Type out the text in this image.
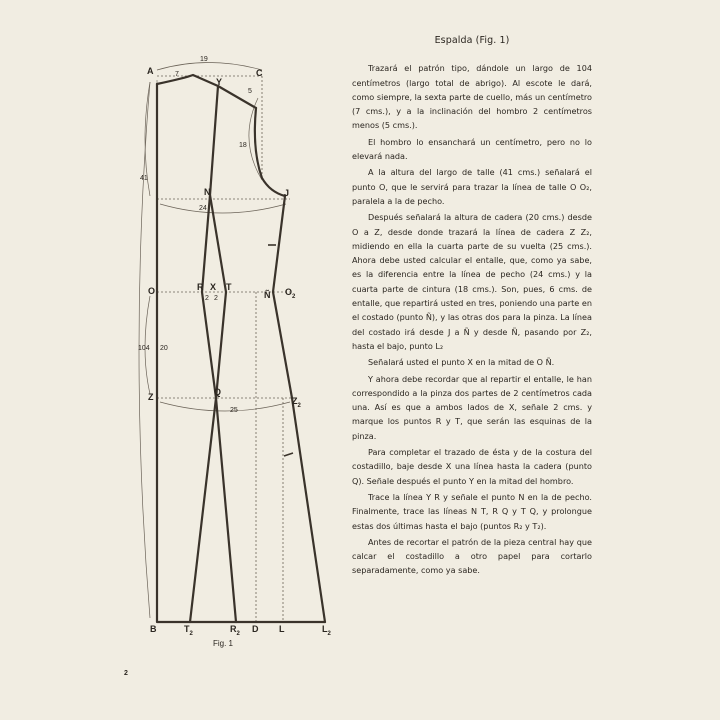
A	C
Y
N	J
O	R X T
Ñ $O_2$
Z	Q
$Z_2$
B	$T_2$	$R_2$ D L	$L_2$
19
7
5
18
41
24
2 2
20
104
25
Fig. 1
2
Espalda (Fig. 1)

Trazará el patrón tipo, dándole un largo de 104 centímetros (largo total de abrigo). Al escote le dará, como siempre, la sexta parte de cuello, más un centímetro (7 cms.), y a la inclinación del hombro 2 centímetros menos (5 cms.).

El hombro lo ensanchará un centímetro, pero no lo elevará nada.

A la altura del largo de talle (41 cms.) señalará el punto O, que le servirá para trazar la línea de talle O O₂, paralela a la de pecho.

Después señalará la altura de cadera (20 cms.) desde O a Z, desde donde trazará la línea de cadera Z Z₂, midiendo en ella la cuarta parte de su vuelta (25 cms.). Ahora debe usted calcular el entalle, que, como ya sabe, es la diferencia entre la línea de pecho (24 cms.) y la cuarta parte de cintura (18 cms.). Son, pues, 6 cms. de entalle, que repartirá usted en tres, poniendo una parte en el costado (punto Ñ), y las otras dos para la pinza. La línea del costado irá desde J a Ñ y desde Ñ, pasando por Z₂, hasta el bajo, punto L₂

Señalará usted el punto X en la mitad de O Ñ.

Y ahora debe recordar que al repartir el entalle, le han correspondido a la pinza dos partes de 2 centímetros cada una. Así es que a ambos lados de X, señale 2 cms. y marque los puntos R y T, que serán las esquinas de la pinza.

Para completar el trazado de ésta y de la costura del costadillo, baje desde X una línea hasta la cadera (punto Q). Señale después el punto Y en la mitad del hombro.

Trace la línea Y R y señale el punto N en la de pecho. Finalmente, trace las líneas N T, R Q y T Q, y prolongue estas dos últimas hasta el bajo (puntos R₂ y T₂).

Antes de recortar el patrón de la pieza central hay que calcar el costadillo a otro papel para cortarlo separadamente, como ya sabe.
